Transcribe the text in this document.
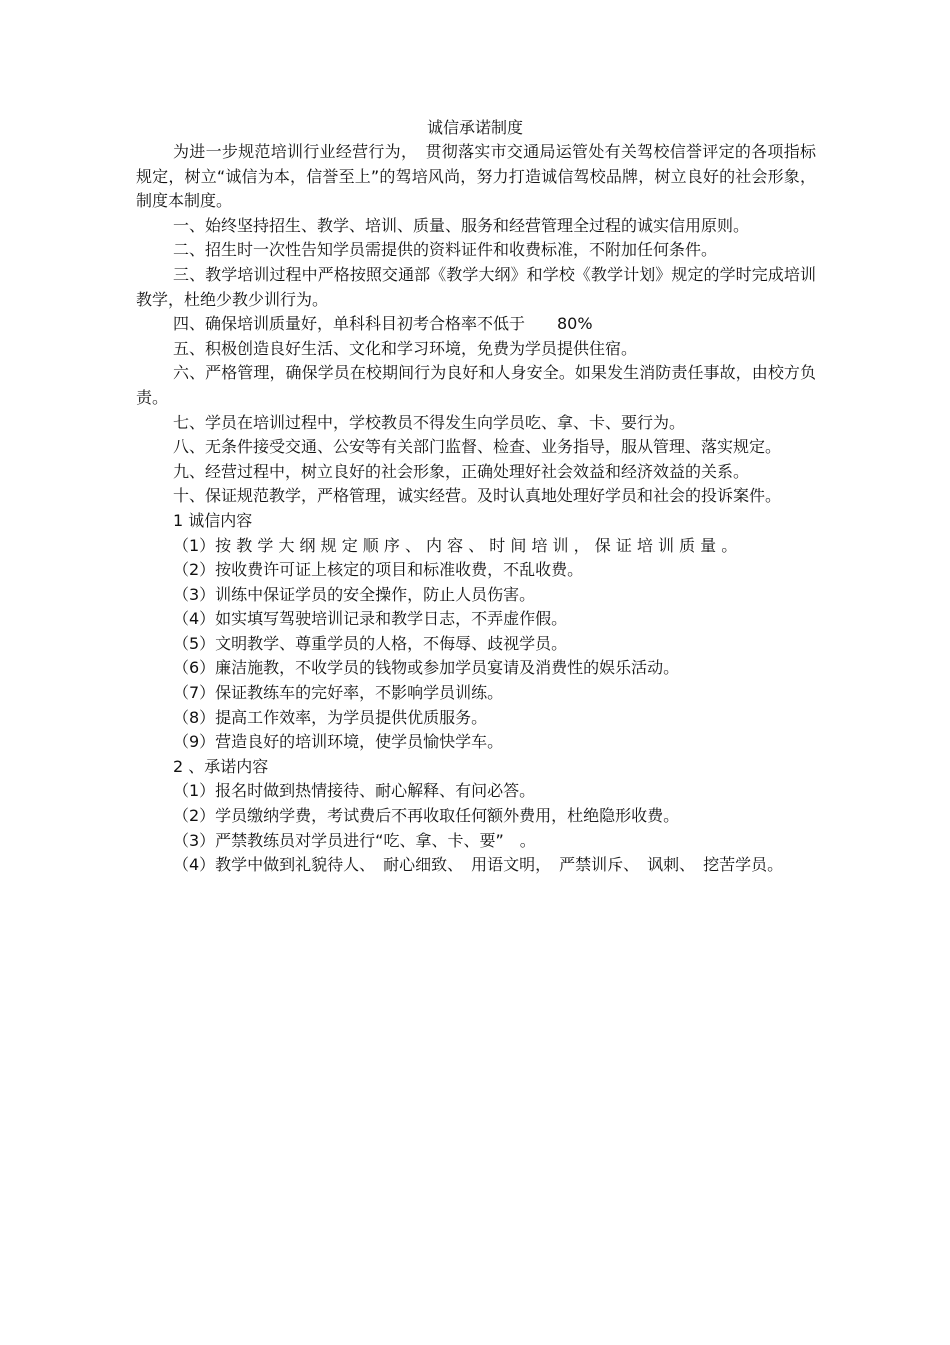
诚信承诺制度

为进一步规范培训行业经营行为，　贯彻落实市交通局运管处有关驾校信誉评定的各项指标规定，树立“诚信为本，信誉至上”的驾培风尚，努力打造诚信驾校品牌，树立良好的社会形象，制度本制度。

一、始终坚持招生、教学、培训、质量、服务和经营管理全过程的诚实信用原则。

二、招生时一次性告知学员需提供的资料证件和收费标准，不附加任何条件。

三、教学培训过程中严格按照交通部《教学大纲》和学校《教学计划》规定的学时完成培训教学，杜绝少教少训行为。

四、确保培训质量好，单科科目初考合格率不低于　　80%

五、积极创造良好生活、文化和学习环境，免费为学员提供住宿。

六、严格管理，确保学员在校期间行为良好和人身安全。如果发生消防责任事故，由校方负责。

七、学员在培训过程中，学校教员不得发生向学员吃、拿、卡、要行为。

八、无条件接受交通、公安等有关部门监督、检查、业务指导，服从管理、落实规定。

九、经营过程中，树立良好的社会形象，正确处理好社会效益和经济效益的关系。

十、保证规范教学，严格管理，诚实经营。及时认真地处理好学员和社会的投诉案件。

1 诚信内容

（1）按 教 学 大 纲 规 定 顺 序 、 内 容 、 时 间 培 训 ， 保 证 培 训 质 量 。

（2）按收费许可证上核定的项目和标准收费，不乱收费。

（3）训练中保证学员的安全操作，防止人员伤害。

（4）如实填写驾驶培训记录和教学日志，不弄虚作假。

（5）文明教学、尊重学员的人格，不侮辱、歧视学员。

（6）廉洁施教，不收学员的钱物或参加学员宴请及消费性的娱乐活动。

（7）保证教练车的完好率，不影响学员训练。

（8）提高工作效率，为学员提供优质服务。

（9）营造良好的培训环境，使学员愉快学车。

2 、承诺内容

（1）报名时做到热情接待、耐心解释、有问必答。

（2）学员缴纳学费，考试费后不再收取任何额外费用，杜绝隐形收费。

（3）严禁教练员对学员进行“吃、拿、卡、要”　。

（4）教学中做到礼貌待人、　耐心细致、　用语文明，　严禁训斥、　讽刺、　挖苦学员。
